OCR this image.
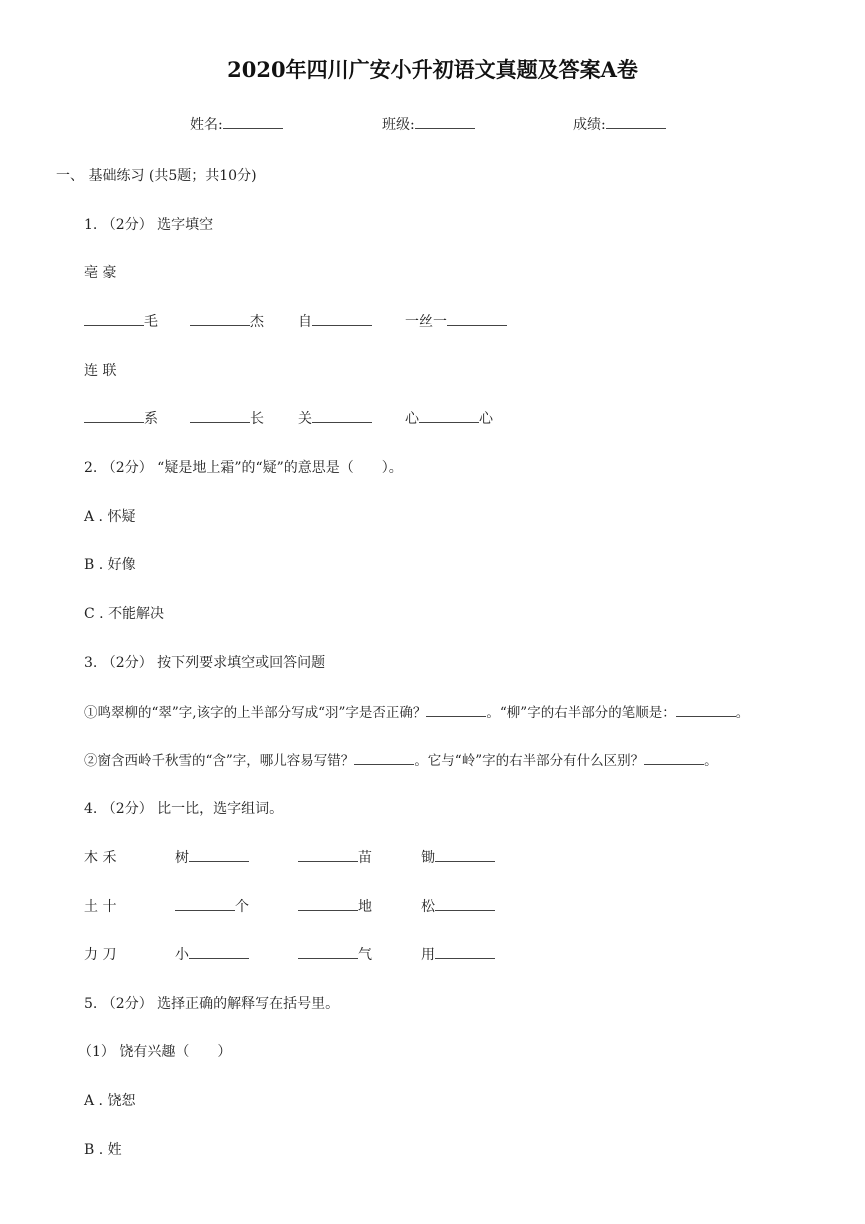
2020年四川广安小升初语文真题及答案A卷
姓名:	班级:	成绩:
一、 基础练习 (共5题；共10分)
1. （2分） 选字填空
亳 豪
毛	杰 自	一丝一
连 联
系	长 关	心	心
2. （2分） “疑是地上霜”的“疑”的意思是（　　）。
A . 怀疑
B . 好像
C . 不能解决
3. （2分） 按下列要求填空或回答问题
①鸣翠柳的“翠”字,该字的上半部分写成“羽”字是否正确？	。“柳”字的右半部分的笔顺是：	。
②窗含西岭千秋雪的“含”字，哪儿容易写错？	。它与“岭”字的右半部分有什么区别？	。
4. （2分） 比一比，选字组词。
木 禾	树	苗	锄
土 十	个	地	松
力 刀	小	气	用
5. （2分） 选择正确的解释写在括号里。
（1） 饶有兴趣（　　）
A . 饶恕
B . 姓
